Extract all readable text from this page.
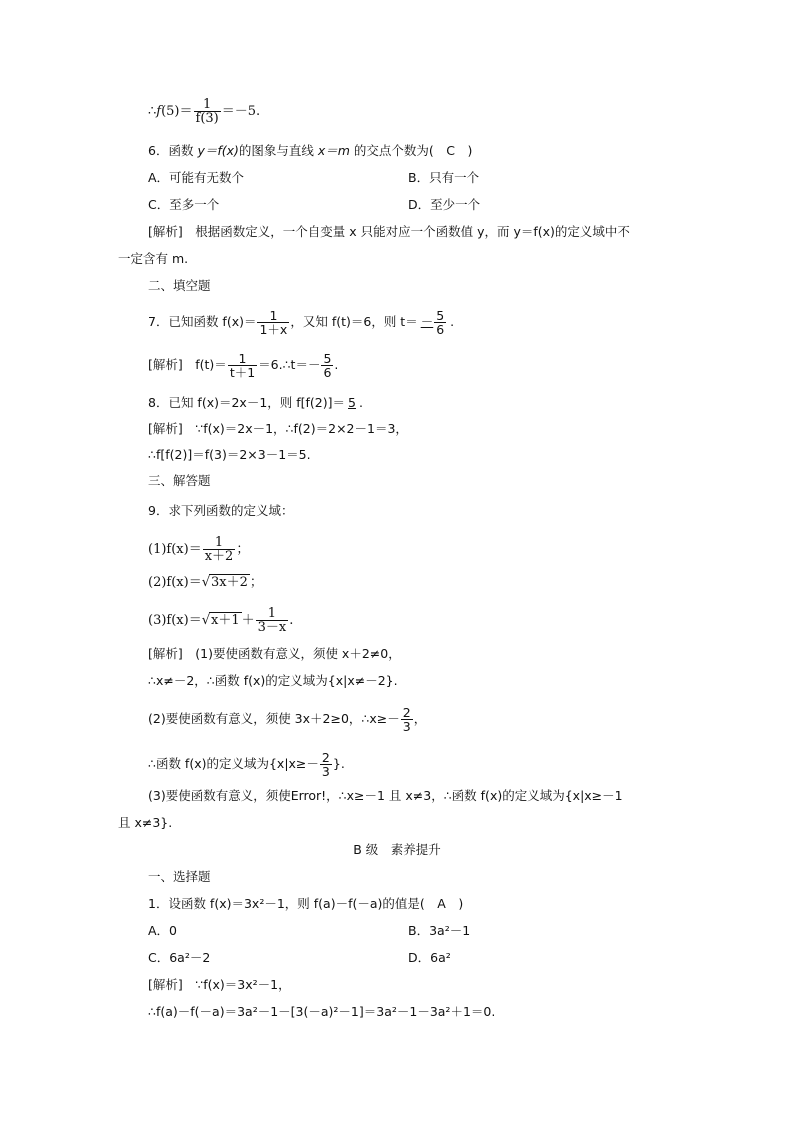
∴f(5)＝ $\frac{1}{f(3)} =-5$.
6．函数 y＝f(x)的图象与直线 x＝m 的交点个数为(　C　)
A．可能有无数个	B．只有一个
C．至多一个	D．至少一个
[解析]　根据函数定义，一个自变量 x 只能对应一个函数值 y，而 y＝f(x)的定义域中不
一定含有 m.
二、填空题
7．已知函数 $f(x)= \frac{1}{1+x}$ ，又知 f(t)＝6，则 $t= - \frac{5}{6}$ .
[解析]　$f(t)= \frac{1}{t+1}$ ＝6.∴t＝－ $\frac{5}{6}$ .
8．已知 f(x)＝2x－1，则 f[f(2)]＝ 5 .
[解析]　∵f(x)＝2x－1，∴f(2)＝2×2－1＝3，
∴f[f(2)]＝f(3)＝2×3－1＝5.
三、解答题
9．求下列函数的定义域：
$(1)f(x)= \frac{1}{x+2}$ ；
(2)f(x)＝√3x＋2 ；
$(3)f(x)=√x+1 + \frac{1}{3-x}$ .
[解析]　(1)要使函数有意义，须使 x＋2≠0，
∴x≠－2，∴函数 f(x)的定义域为{x|x≠－2}.
(2)要使函数有意义，须使 3x＋2≥0，∴x≥－ $\frac{2}{3}$ ，
∴函数 f(x)的定义域为{$x|x\ge- \frac{2}{3}$ }.
(3)要使函数有意义，须使Error!，∴x≥－1 且 x≠3，∴函数 f(x)的定义域为{x|x≥－1
且 x≠3}.
B 级　素养提升
一、选择题
1．设函数 f(x)＝3x²－1，则 f(a)－f(－a)的值是(　A　)
A．0	B．3a²－1
C．6a²－2	D．6a²
[解析]　∵f(x)＝3x²－1，
∴f(a)－f(－a)＝3a²－1－[3(－a)²－1]＝3a²－1－3a²＋1＝0.
